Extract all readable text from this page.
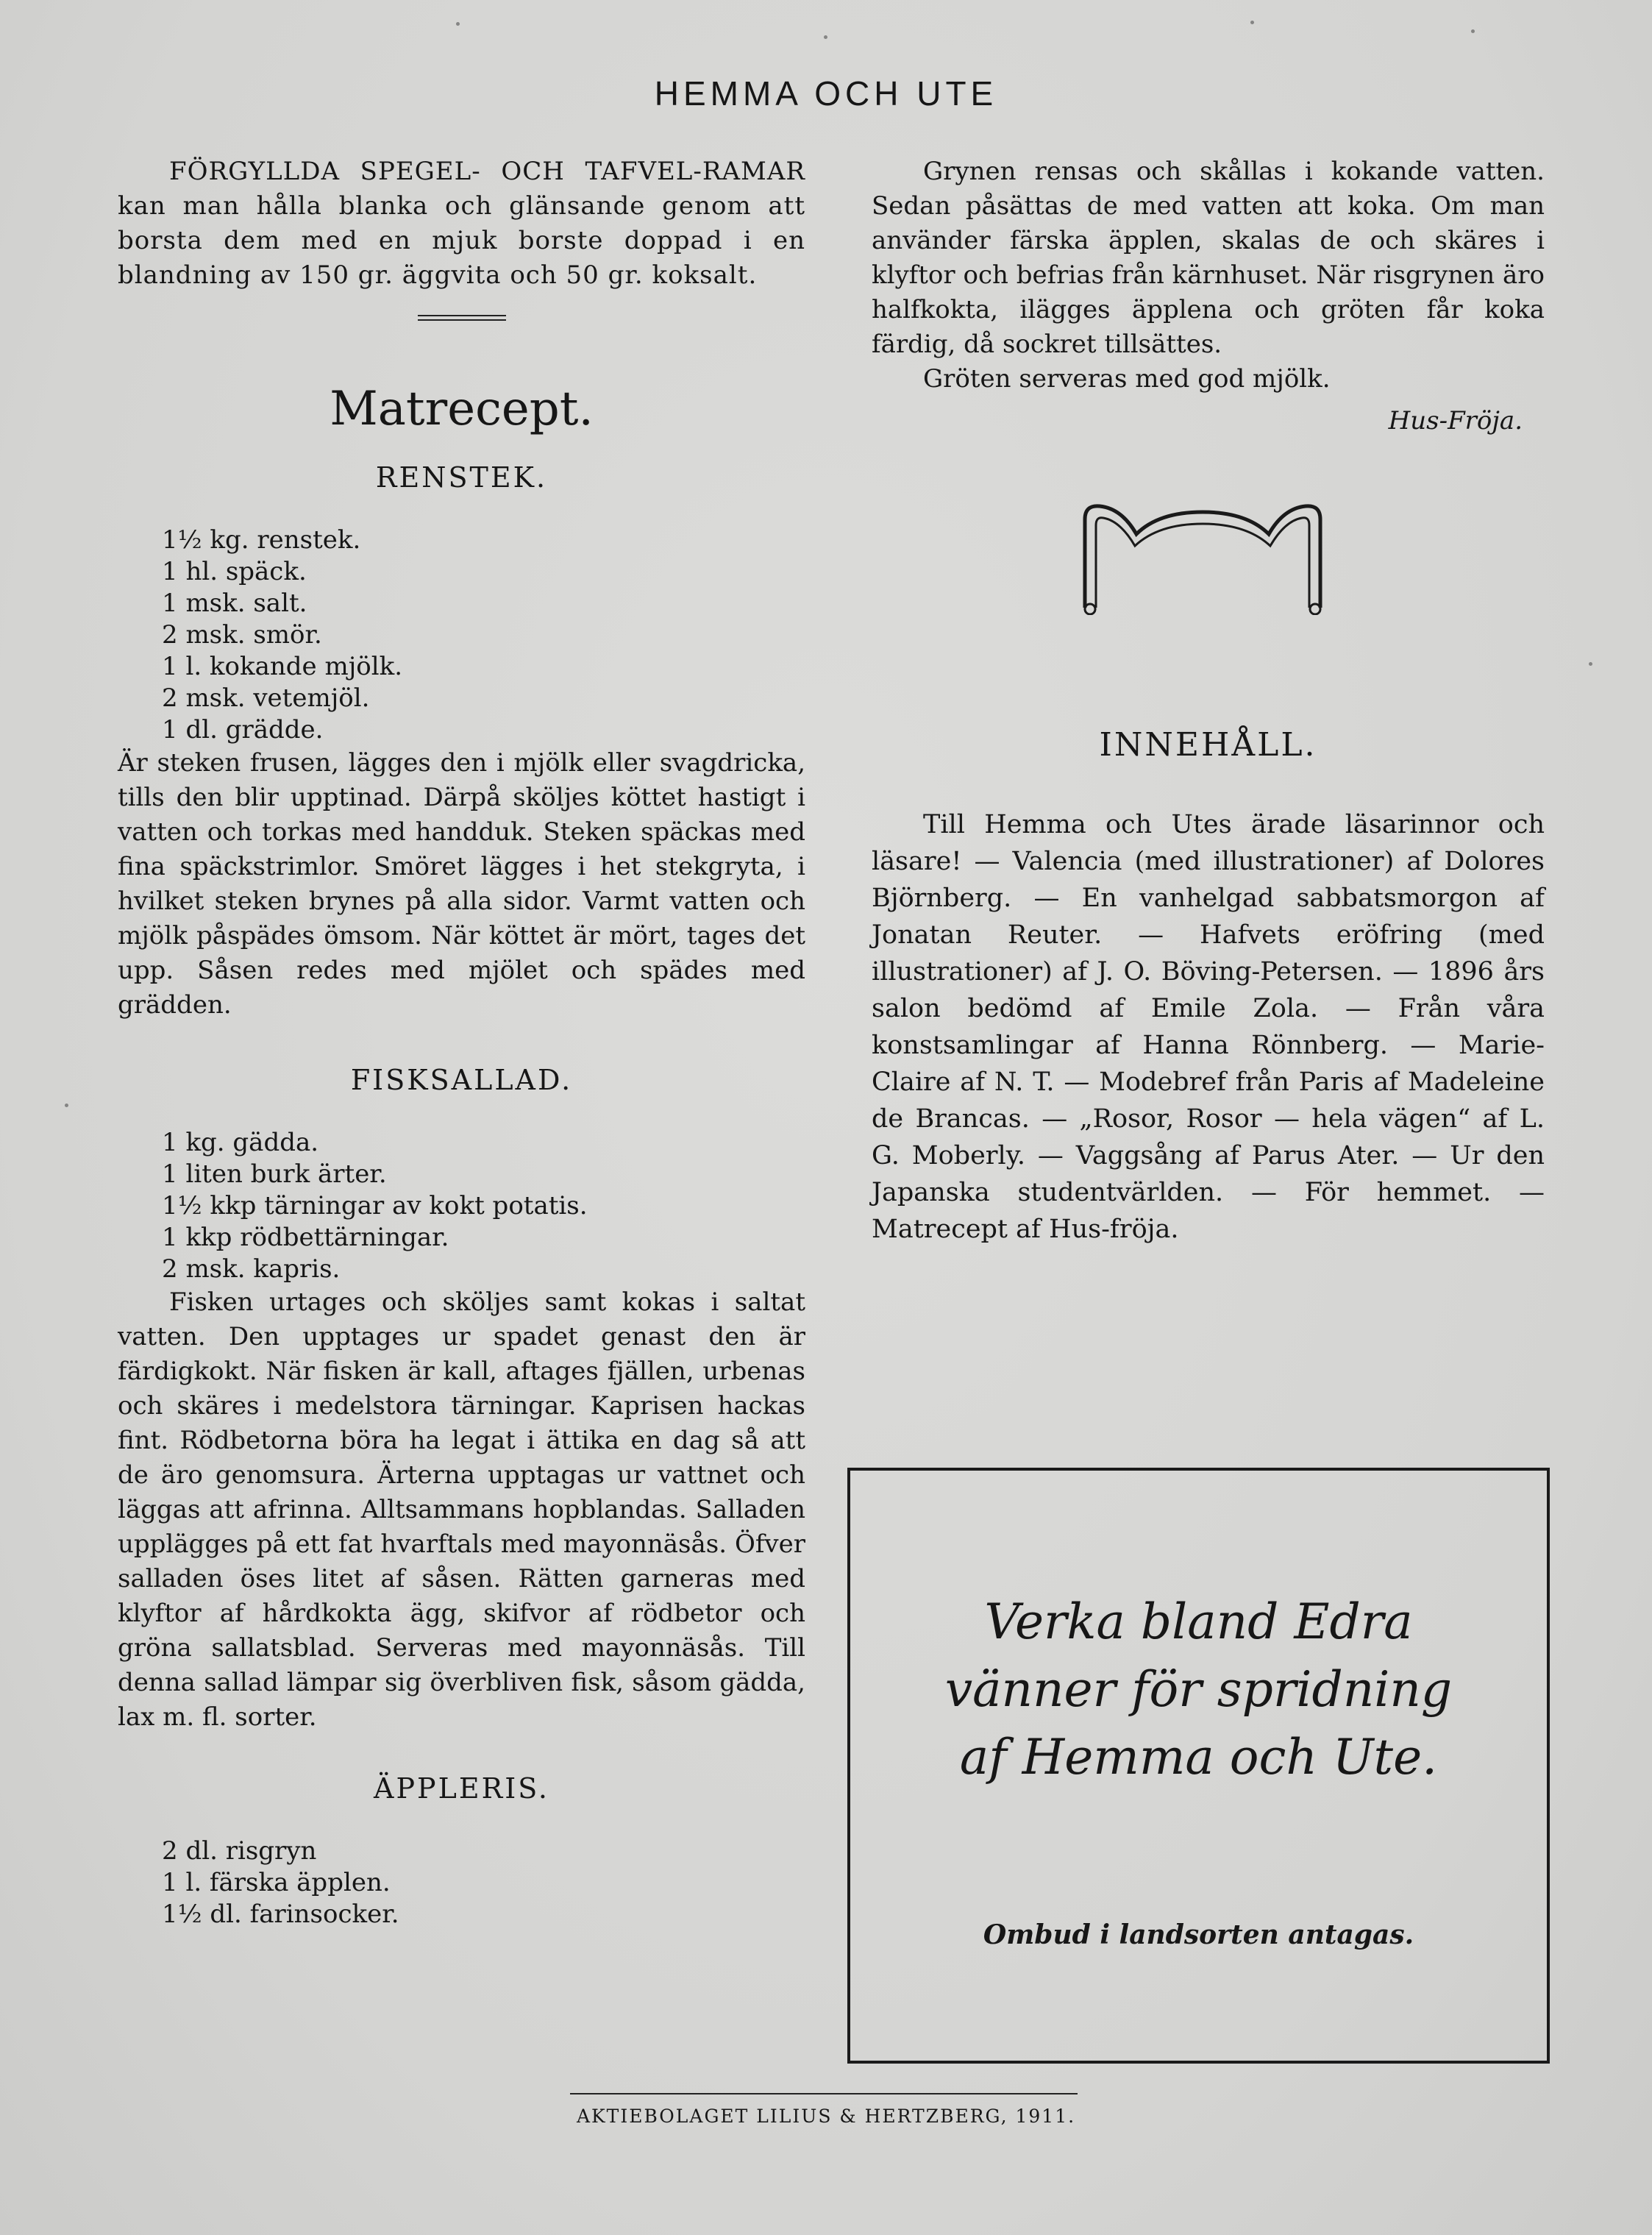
HEMMA OCH UTE

FÖRGYLLDA SPEGEL- OCH TAFVEL-RAMAR kan man hålla blanka och glänsande genom att borsta dem med en mjuk borste doppad i en blandning av 150 gr. äggvita och 50 gr. koksalt.

Matrecept.
RENSTEK.
1½ kg. renstek.
1 hl. späck.
1 msk. salt.
2 msk. smör.
1 l. kokande mjölk.
2 msk. vetemjöl.
1 dl. grädde.

Är steken frusen, lägges den i mjölk eller svagdricka, tills den blir upptinad. Därpå sköljes köttet hastigt i vatten och torkas med handduk. Steken späckas med fina späckstrimlor. Smöret lägges i het stekgryta, i hvilket steken brynes på alla sidor. Varmt vatten och mjölk påspädes ömsom. När köttet är mört, tages det upp. Såsen redes med mjölet och spädes med grädden.

FISKSALLAD.
1 kg. gädda.
1 liten burk ärter.
1½ kkp tärningar av kokt potatis.
1 kkp rödbettärningar.
2 msk. kapris.

Fisken urtages och sköljes samt kokas i saltat vatten. Den upptages ur spadet genast den är färdigkokt. När fisken är kall, aftages fjällen, urbenas och skäres i medelstora tärningar. Kaprisen hackas fint. Rödbetorna böra ha legat i ättika en dag så att de äro genomsura. Ärterna upptagas ur vattnet och läggas att afrinna. Alltsammans hopblandas. Salladen upplägges på ett fat hvarftals med mayonnäsås. Öfver salladen öses litet af såsen. Rätten garneras med klyftor af hårdkokta ägg, skifvor af rödbetor och gröna sallatsblad. Serveras med mayonnäsås. Till denna sallad lämpar sig överbliven fisk, såsom gädda, lax m. fl. sorter.

ÄPPLERIS.
2 dl. risgryn
1 l. färska äpplen.
1½ dl. farinsocker.

Grynen rensas och skållas i kokande vatten. Sedan påsättas de med vatten att koka. Om man använder färska äpplen, skalas de och skäres i klyftor och befrias från kärnhuset. När risgrynen äro halfkokta, ilägges äpplena och gröten får koka färdig, då sockret tillsättes.

Gröten serveras med god mjölk.

Hus-Fröja.
INNEHÅLL.

Till Hemma och Utes ärade läsarinnor och läsare! — Valencia (med illustrationer) af Dolores Björnberg. — En vanhelgad sabbatsmorgon af Jonatan Reuter. — Hafvets eröfring (med illustrationer) af J. O. Böving-Petersen. — 1896 års salon bedömd af Emile Zola. — Från våra konstsamlingar af Hanna Rönnberg. — Marie-Claire af N. T. — Modebref från Paris af Madeleine de Brancas. — „Rosor, Rosor — hela vägen“ af L. G. Moberly. — Vaggsång af Parus Ater. — Ur den Japanska studentvärlden. — För hemmet. — Matrecept af Hus-fröja.

Verka bland Edra
vänner för spridning
af Hemma och Ute.
Ombud i landsorten antagas.
AKTIEBOLAGET LILIUS & HERTZBERG, 1911.
